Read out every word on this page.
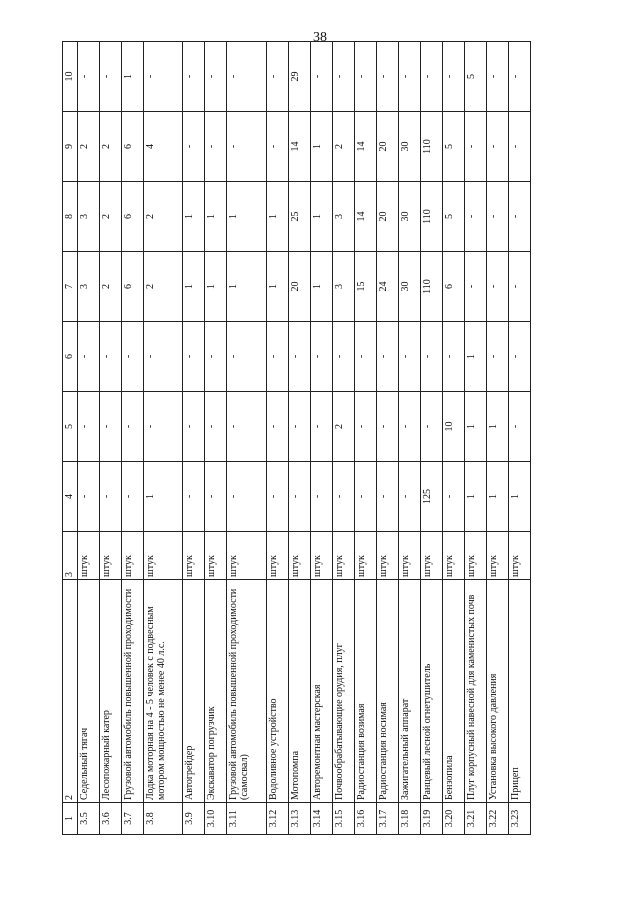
38
1	2	3	4	5	6	7	8	9	10
3.5	Седельный тягач	штук	-	-	-	3	3	2	-
3.6	Лесопожарный катер	штук	-	-	-	2	2	2	-
3.7	Грузовой автомобиль повышенной проходимости	штук	-	-	-	6	6	6	1
3.8	Лодка моторная на 4 - 5 человек с подвесным мотором мощностью не менее 40 л.с.	штук	1	-	-	2	2	4	-
3.9	Автогрейдер	штук	-	-	-	1	1	-	-
3.10	Экскаватор погрузчик	штук	-	-	-	1	1	-	-
3.11	Грузовой автомобиль повышенной проходимости (самосвал)	штук	-	-	-	1	1	-	-
3.12	Водоливное устройство	штук	-	-	-	1	1	-	-
3.13	Мотопомпа	штук	-	-	-	20	25	14	29
3.14	Авторемонтная мастерская	штук	-	-	-	1	1	1	-
3.15	Почвообрабатывающие орудия, плуг	штук	-	2	-	3	3	2	-
3.16	Радиостанция возимая	штук	-	-	-	15	14	14	-
3.17	Радиостанция носимая	штук	-	-	-	24	20	20	-
3.18	Зажигательный аппарат	штук	-	-	-	30	30	30	-
3.19	Ранцевый лесной огнетушитель	штук	125	-	-	110	110	110	-
3.20	Бензопила	штук	-	10	-	6	5	5	-
3.21	Плуг корпусный навесной для каменистых почв	штук	1	1	1	-	-	-	5
3.22	Установка высокого давления	штук	1	1	-	-	-	-	-
3.23	Прицеп	штук	1	-	-	-	-	-	-
